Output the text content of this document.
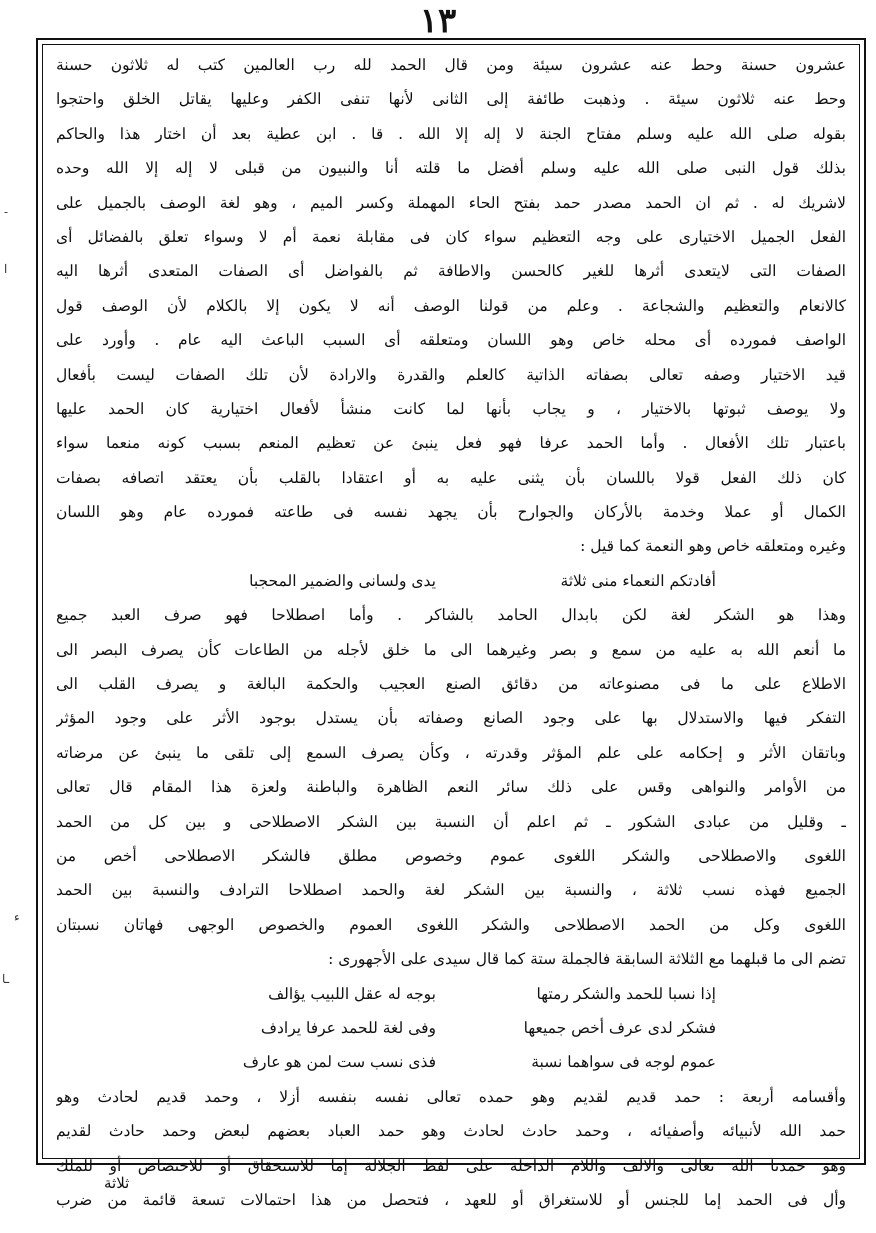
١٣
-
ا
ء
ـا
عشرون حسنة وحط عنه عشرون سيئة ومن قال الحمد لله رب العالمين كتب له ثلاثون حسنة
وحط عنه ثلاثون سيئة . وذهبت طائفة إلى الثانى لأنها تنفى الكفر وعليها يقاتل الخلق واحتجوا
بقوله صلى الله عليه وسلم مفتاح الجنة لا إله إلا الله . قا . ابن عطية بعد أن اختار هذا والحاكم
بذلك قول النبى صلى الله عليه وسلم أفضل ما قلته أنا والنبيون من قبلى لا إله إلا الله وحده
لاشريك له . ثم ان الحمد مصدر حمد بفتح الحاء المهملة وكسر الميم ، وهو لغة الوصف بالجميل على
الفعل الجميل الاختيارى على وجه التعظيم سواء كان فى مقابلة نعمة أم لا وسواء تعلق بالفضائل أى
الصفات التى لايتعدى أثرها للغير كالحسن والاطافة ثم بالفواضل أى الصفات المتعدى أثرها اليه
كالانعام والتعظيم والشجاعة . وعلم من قولنا الوصف أنه لا يكون إلا بالكلام لأن الوصف قول
الواصف فمورده أى محله خاص وهو اللسان ومتعلقه أى السبب الباعث اليه عام . وأورد على
قيد الاختيار وصفه تعالى بصفاته الذاتية كالعلم والقدرة والارادة لأن تلك الصفات ليست بأفعال
ولا يوصف ثبوتها بالاختيار ، و يجاب بأنها لما كانت منشأ لأفعال اختيارية كان الحمد عليها
باعتبار تلك الأفعال . وأما الحمد عرفا فهو فعل ينبئ عن تعظيم المنعم بسبب كونه منعما سواء
كان ذلك الفعل قولا باللسان بأن يثنى عليه به أو اعتقادا بالقلب بأن يعتقد اتصافه بصفات
الكمال أو عملا وخدمة بالأركان والجوارح بأن يجهد نفسه فى طاعته فمورده عام وهو اللسان
وغيره ومتعلقه خاص وهو النعمة كما قيل :
أفادتكم النعماء منى ثلاثةيدى ولسانى والضمير المحجبا
وهذا هو الشكر لغة لكن بابدال الحامد بالشاكر . وأما اصطلاحا فهو صرف العبد جميع
ما أنعم الله به عليه من سمع و بصر وغيرهما الى ما خلق لأجله من الطاعات كأن يصرف البصر الى
الاطلاع على ما فى مصنوعاته من دقائق الصنع العجيب والحكمة البالغة و يصرف القلب الى
التفكر فيها والاستدلال بها على وجود الصانع وصفاته بأن يستدل بوجود الأثر على وجود المؤثر
وباتقان الأثر و إحكامه على علم المؤثر وقدرته ، وكأن يصرف السمع إلى تلقى ما ينبئ عن مرضاته
من الأوامر والنواهى وقس على ذلك سائر النعم الظاهرة والباطنة ولعزة هذا المقام قال تعالى
ـ وقليل من عبادى الشكور ـ ثم اعلم أن النسبة بين الشكر الاصطلاحى و بين كل من الحمد
اللغوى والاصطلاحى والشكر اللغوى عموم وخصوص مطلق فالشكر الاصطلاحى أخص من
الجميع فهذه نسب ثلاثة ، والنسبة بين الشكر لغة والحمد اصطلاحا الترادف والنسبة بين الحمد
اللغوى وكل من الحمد الاصطلاحى والشكر اللغوى العموم والخصوص الوجهى فهاتان نسبتان
تضم الى ما قبلهما مع الثلاثة السابقة فالجملة ستة كما قال سيدى على الأجهورى :
إذا نسبا للحمد والشكر رمتهابوجه له عقل اللبيب يؤالف
فشكر لدى عرف أخص جميعهاوفى لغة للحمد عرفا يرادف
عموم لوجه فى سواهما نسبةفذى نسب ست لمن هو عارف
وأقسامه أربعة : حمد قديم لقديم وهو حمده تعالى نفسه بنفسه أزلا ، وحمد قديم لحادث وهو
حمد الله لأنبيائه وأصفيائه ، وحمد حادث لحادث وهو حمد العباد بعضهم لبعض وحمد حادث لقديم
وهو حمدنا الله تعالى والالف واللام الداخلة على لفظ الجلالة إما للاستحقاق أو للاختصاص أو للملك
وأل فى الحمد إما للجنس أو للاستغراق أو للعهد ، فتحصل من هذا احتمالات تسعة قائمة من ضرب
ثلاثة
